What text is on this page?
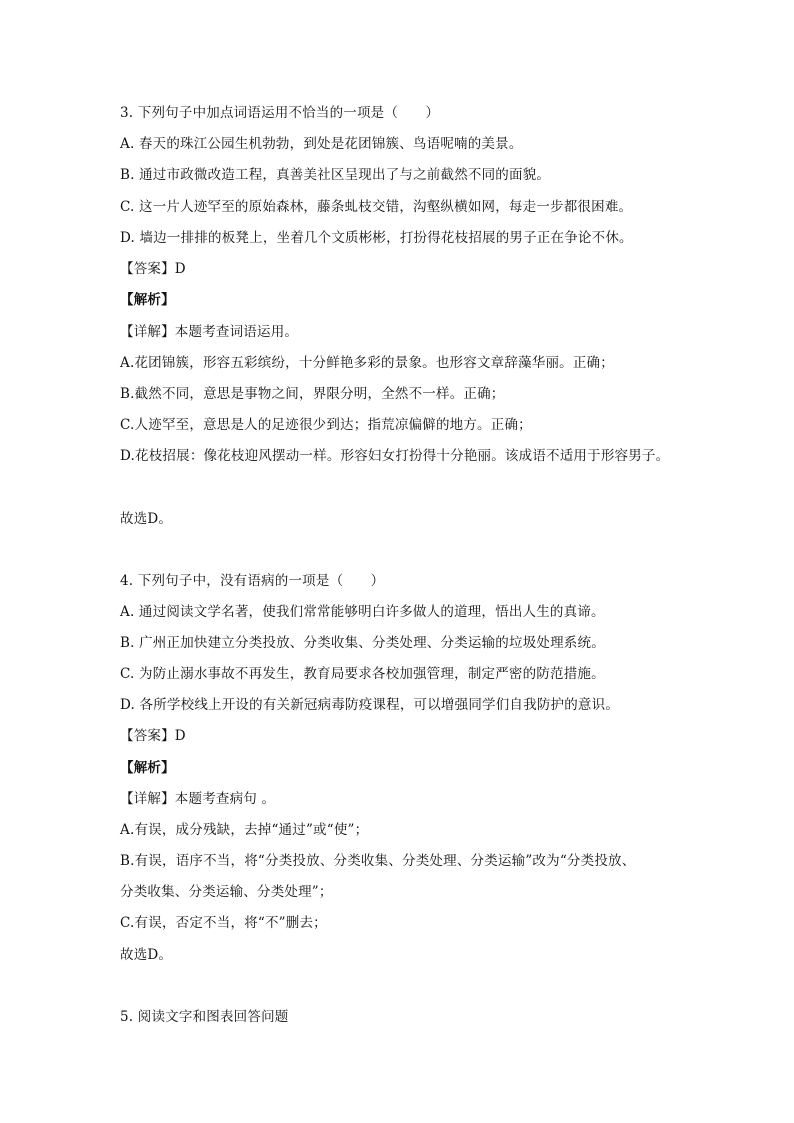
3. 下列句子中加点词语运用不恰当的一项是（　　）
A. 春天的珠江公园生机勃勃，到处是花团锦簇、鸟语呢喃的美景。
B. 通过市政微改造工程，真善美社区呈现出了与之前截然不同的面貌。
C. 这一片人迹罕至的原始森林，藤条虬枝交错，沟壑纵横如网，每走一步都很困难。
D. 墙边一排排的板凳上，坐着几个文质彬彬，打扮得花枝招展的男子正在争论不休。
【答案】D
【解析】
【详解】本题考查词语运用。
A.花团锦簇，形容五彩缤纷，十分鲜艳多彩的景象。也形容文章辞藻华丽。正确；
B.截然不同，意思是事物之间，界限分明，全然不一样。正确；
C.人迹罕至，意思是人的足迹很少到达；指荒凉偏僻的地方。正确；
D.花枝招展：像花枝迎风摆动一样。形容妇女打扮得十分艳丽。该成语不适用于形容男子。
故选D。
4. 下列句子中，没有语病的一项是（　　）
A. 通过阅读文学名著，使我们常常能够明白许多做人的道理，悟出人生的真谛。
B. 广州正加快建立分类投放、分类收集、分类处理、分类运输的垃圾处理系统。
C. 为防止溺水事故不再发生，教育局要求各校加强管理，制定严密的防范措施。
D. 各所学校线上开设的有关新冠病毒防疫课程，可以增强同学们自我防护的意识。
【答案】D
【解析】
【详解】本题考查病句 。
A.有误，成分残缺，去掉“通过”或“使”；
B.有误，语序不当，将“分类投放、分类收集、分类处理、分类运输”改为“分类投放、
分类收集、分类运输、分类处理”；
C.有误，否定不当，将“不”删去；
故选D。
5. 阅读文字和图表回答问题
